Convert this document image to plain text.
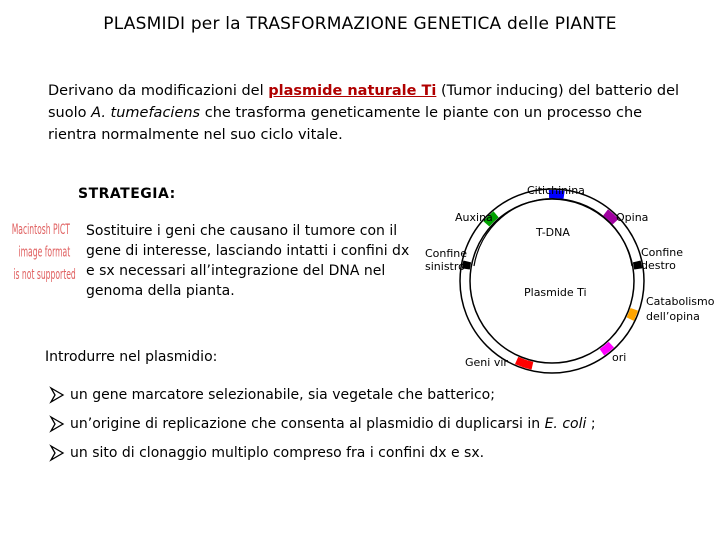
PLASMIDI per la TRASFORMAZIONE GENETICA delle PIANTE
Derivano da modificazioni del plasmide naturale Ti (Tumor inducing) del batterio del suolo A. tumefaciens che trasforma geneticamente le piante con un processo che rientra normalmente nel suo ciclo vitale.
STRATEGIA:
Sostituire i geni che causano il tumore con il gene di interesse, lasciando intatti i confini dx e sx necessari all’integrazione del DNA nel genoma della pianta.
Macintosh PICT
image format
is not supported
Introdurre nel plasmidio:
un gene marcatore selezionabile, sia vegetale che batterico;
un’origine di replicazione che consenta al plasmidio di duplicarsi in E. coli ;
un sito di clonaggio multiplo compreso fra i confini dx e sx.
Citichinina
Auxina	Opina
T-DNA
Confine
sinistro
Confine
destro
Plasmide Ti
Catabolismo
dell’opina
Geni vir	ori
